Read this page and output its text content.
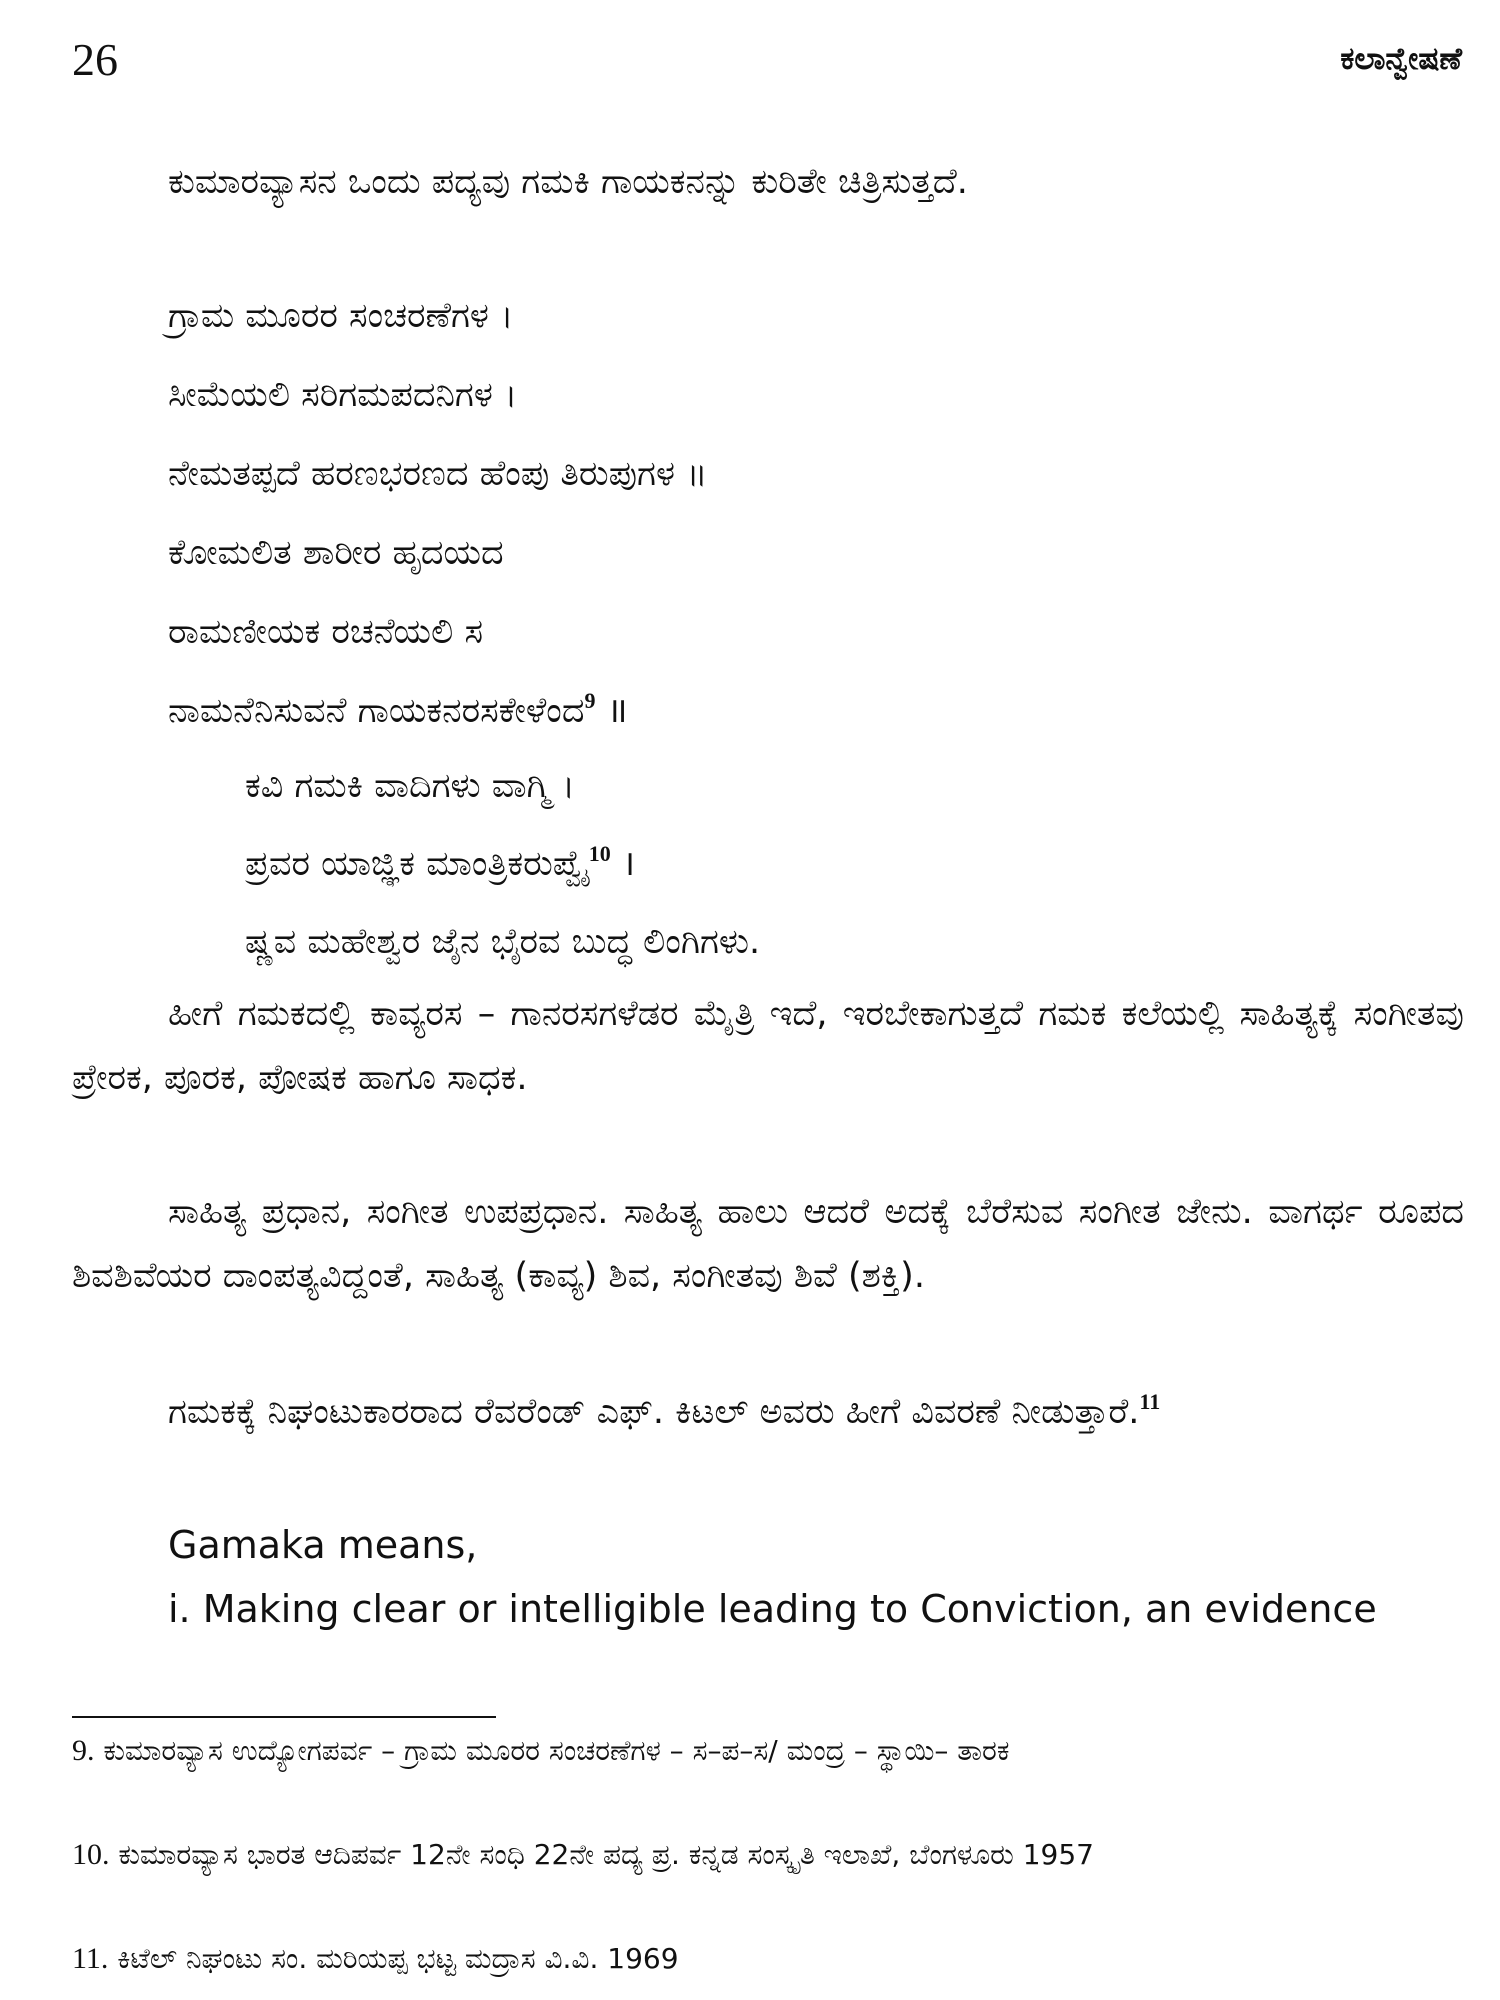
26	ಕಲಾನ್ವೇಷಣೆ

ಕುಮಾರವ್ಯಾಸನ ಒಂದು ಪದ್ಯವು ಗಮಕಿ ಗಾಯಕನನ್ನು ಕುರಿತೇ ಚಿತ್ರಿಸುತ್ತದೆ.

ಗ್ರಾಮ ಮೂರರ ಸಂಚರಣೆಗಳ ।
ಸೀಮೆಯಲಿ ಸರಿಗಮಪದನಿಗಳ ।
ನೇಮತಪ್ಪದೆ ಹರಣಭರಣದ ಹೆಂಪು ತಿರುಪುಗಳ ॥
ಕೋಮಲಿತ ಶಾರೀರ ಹೃದಯದ
ರಾಮಣೀಯಕ ರಚನೆಯಲಿ ಸ
ನಾಮನೆನಿಸುವನೆ ಗಾಯಕನರಸಕೇಳೆಂದ$^9$ ॥
ಕವಿ ಗಮಕಿ ವಾದಿಗಳು ವಾಗ್ಮಿ ।
ಪ್ರವರ ಯಾಜ್ಞಿಕ ಮಾಂತ್ರಿಕರುಪ್ವೈ$^{10}$ ।
ಷ್ಣವ ಮಹೇಶ್ವರ ಜೈನ ಭೈರವ ಬುದ್ಧ ಲಿಂಗಿಗಳು.

ಹೀಗೆ ಗಮಕದಲ್ಲಿ ಕಾವ್ಯರಸ – ಗಾನರಸಗಳೆಡರ ಮೈತ್ರಿ ಇದೆ, ಇರಬೇಕಾಗುತ್ತದೆ ಗಮಕ ಕಲೆಯಲ್ಲಿ ಸಾಹಿತ್ಯಕ್ಕೆ ಸಂಗೀತವು ಪ್ರೇರಕ, ಪೂರಕ, ಪೋಷಕ ಹಾಗೂ ಸಾಧಕ.

ಸಾಹಿತ್ಯ ಪ್ರಧಾನ, ಸಂಗೀತ ಉಪಪ್ರಧಾನ. ಸಾಹಿತ್ಯ ಹಾಲು ಆದರೆ ಅದಕ್ಕೆ ಬೆರೆಸುವ ಸಂಗೀತ ಜೇನು. ವಾಗರ್ಥ ರೂಪದ ಶಿವಶಿವೆಯರ ದಾಂಪತ್ಯವಿದ್ದಂತೆ, ಸಾಹಿತ್ಯ (ಕಾವ್ಯ) ಶಿವ, ಸಂಗೀತವು ಶಿವೆ (ಶಕ್ತಿ).

ಗಮಕಕ್ಕೆ ನಿಘಂಟುಕಾರರಾದ ರೆವರೆಂಡ್ ಎಫ್. ಕಿಟಲ್ ಅವರು ಹೀಗೆ ವಿವರಣೆ ನೀಡುತ್ತಾರೆ.$^{11}$

Gamaka means,

i. Making clear or intelligible leading to Conviction, an evidence

9. ಕುಮಾರವ್ಯಾಸ ಉದ್ಯೋಗಪರ್ವ – ಗ್ರಾಮ ಮೂರರ ಸಂಚರಣೆಗಳ – ಸ–ಪ–ಸ/ ಮಂದ್ರ – ಸ್ಥಾಯಿ– ತಾರಕ

10. ಕುಮಾರವ್ಯಾಸ ಭಾರತ ಆದಿಪರ್ವ 12ನೇ ಸಂಧಿ 22ನೇ ಪದ್ಯ ಪ್ರ. ಕನ್ನಡ ಸಂಸ್ಕೃತಿ ಇಲಾಖೆ, ಬೆಂಗಳೂರು 1957

11. ಕಿಟೆಲ್ ನಿಘಂಟು ಸಂ. ಮರಿಯಪ್ಪ ಭಟ್ಟ ಮದ್ರಾಸ ವಿ.ವಿ. 1969
